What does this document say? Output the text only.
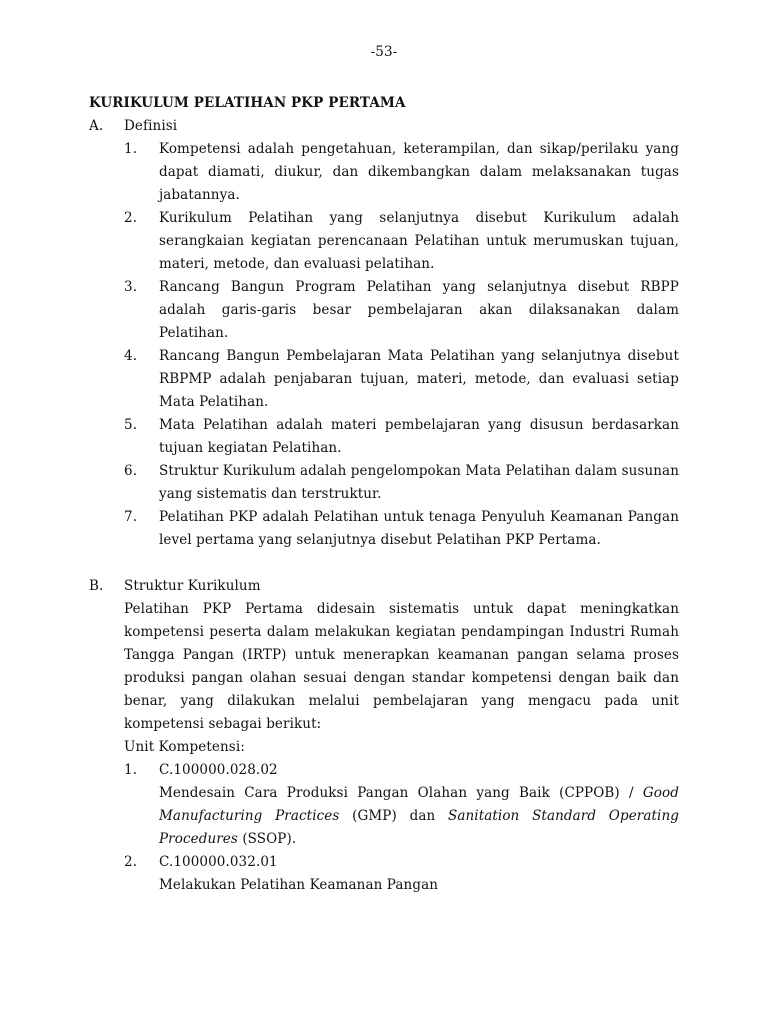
-53-
KURIKULUM PELATIHAN PKP PERTAMA
A.	Definisi
1.	Kompetensi adalah pengetahuan, keterampilan, dan sikap/perilaku yang dapat diamati, diukur, dan dikembangkan dalam melaksanakan tugas jabatannya.
2.	Kurikulum Pelatihan yang selanjutnya disebut Kurikulum adalah serangkaian kegiatan perencanaan Pelatihan untuk merumuskan tujuan, materi, metode, dan evaluasi pelatihan.
3.	Rancang Bangun Program Pelatihan yang selanjutnya disebut RBPP adalah garis-garis besar pembelajaran akan dilaksanakan dalam Pelatihan.
4.	Rancang Bangun Pembelajaran Mata Pelatihan yang selanjutnya disebut RBPMP adalah penjabaran tujuan, materi, metode, dan evaluasi setiap Mata Pelatihan.
5.	Mata Pelatihan adalah materi pembelajaran yang disusun berdasarkan tujuan kegiatan Pelatihan.
6.	Struktur Kurikulum adalah pengelompokan Mata Pelatihan dalam susunan yang sistematis dan terstruktur.
7.	Pelatihan PKP adalah Pelatihan untuk tenaga Penyuluh Keamanan Pangan level pertama yang selanjutnya disebut Pelatihan PKP Pertama.
B.	Struktur Kurikulum
Pelatihan PKP Pertama didesain sistematis untuk dapat meningkatkan kompetensi peserta dalam melakukan kegiatan pendampingan Industri Rumah Tangga Pangan (IRTP) untuk menerapkan keamanan pangan selama proses produksi pangan olahan sesuai dengan standar kompetensi dengan baik dan benar, yang dilakukan melalui pembelajaran yang mengacu pada unit kompetensi sebagai berikut:
Unit Kompetensi:
1.	C.100000.028.02
Mendesain Cara Produksi Pangan Olahan yang Baik (CPPOB) / Good Manufacturing Practices (GMP) dan Sanitation Standard Operating Procedures (SSOP).
2.	C.100000.032.01
Melakukan Pelatihan Keamanan Pangan
